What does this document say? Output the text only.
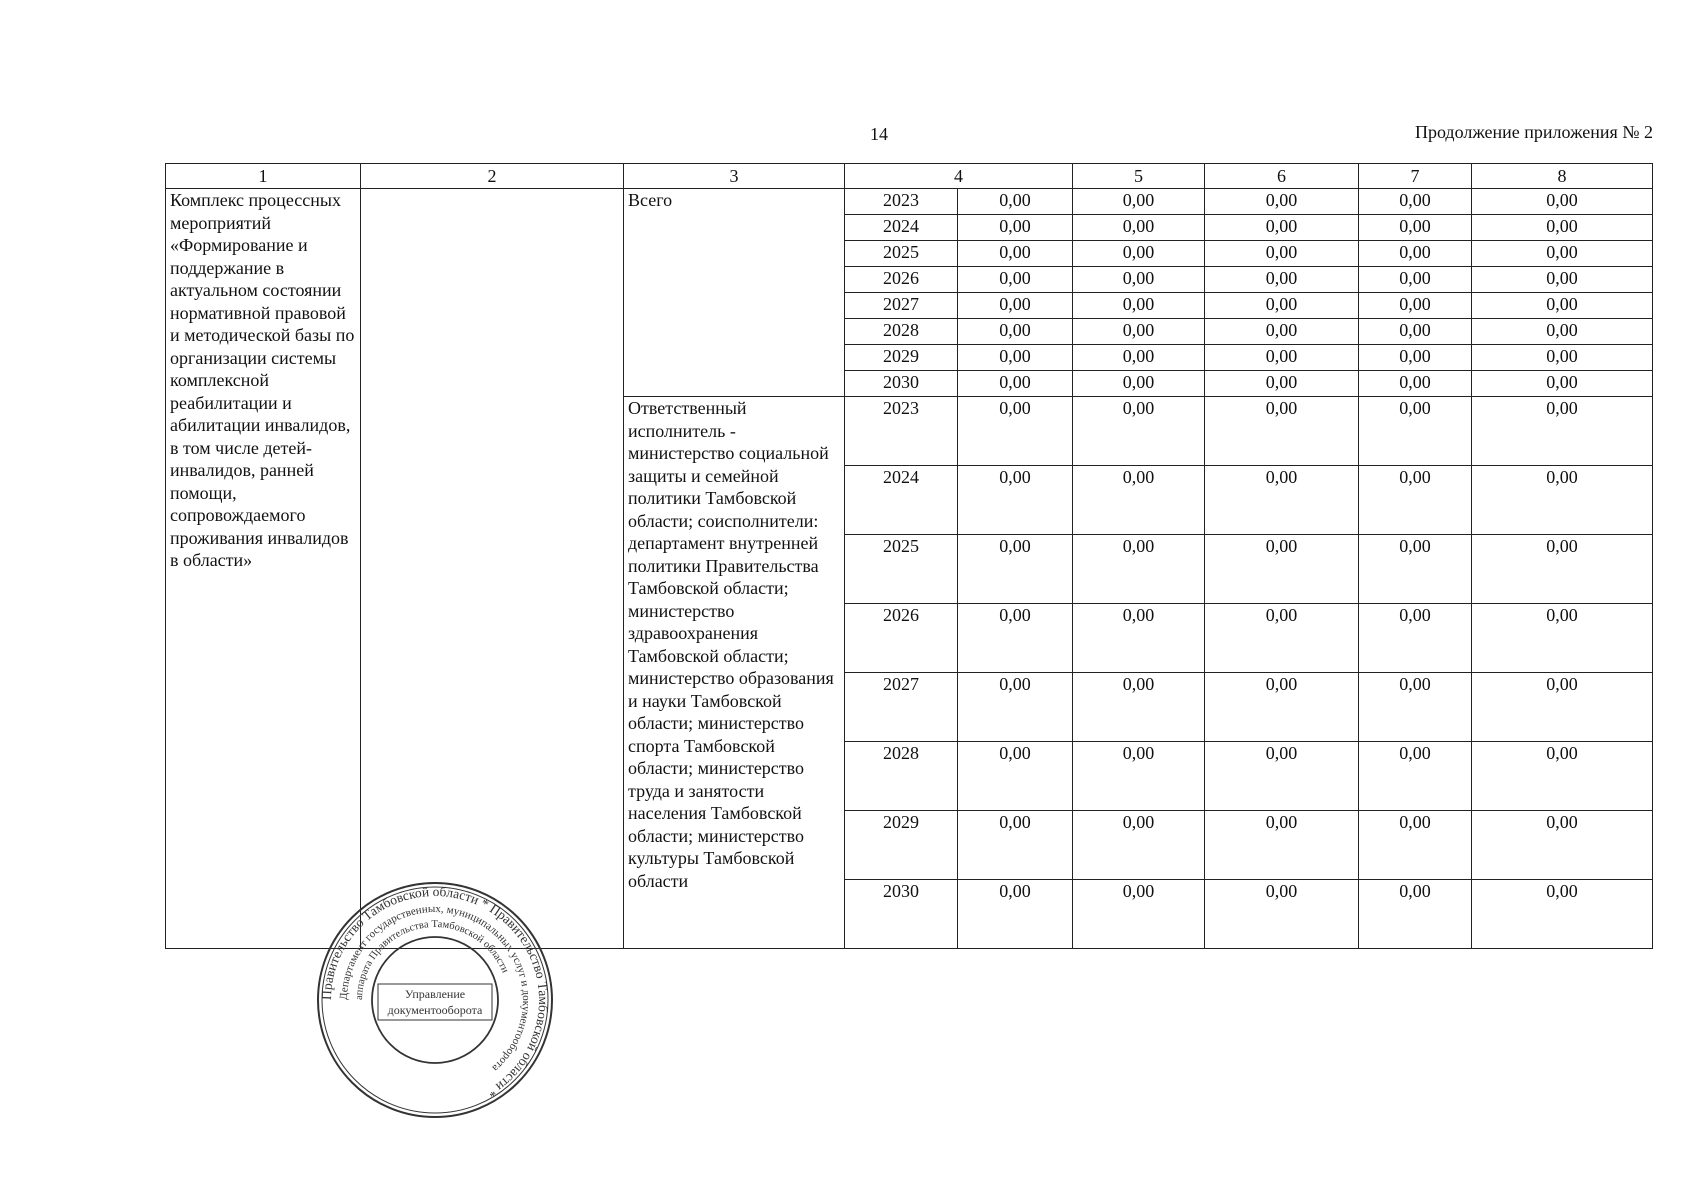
14	Продолжение приложения № 2
1	2	3	4		5	6	7	8
Комплекс процессных мероприятий «Формирование и поддержание в актуальном состоянии нормативной правовой и методической базы по организации системы комплексной реабилитации и абилитации инвалидов, в том числе детей-инвалидов, ранней помощи, сопровождаемого проживания инвалидов в области»		Всего	2023	0,00	0,00	0,00	0,00	0,00
			2024	0,00	0,00	0,00	0,00	0,00
			2025	0,00	0,00	0,00	0,00	0,00
			2026	0,00	0,00	0,00	0,00	0,00
			2027	0,00	0,00	0,00	0,00	0,00
			2028	0,00	0,00	0,00	0,00	0,00
			2029	0,00	0,00	0,00	0,00	0,00
			2030	0,00	0,00	0,00	0,00	0,00
		Ответственный исполнитель - министерство социальной защиты и семейной политики Тамбовской области; соисполнители: департамент внутренней политики Правительства Тамбовской области; министерство здравоохранения Тамбовской области; министерство образования и науки Тамбовской области; министерство спорта Тамбовской области; министерство труда и занятости населения Тамбовской области; министерство культуры Тамбовской области	2023	0,00	0,00	0,00	0,00	0,00
			2024	0,00	0,00	0,00	0,00	0,00
			2025	0,00	0,00	0,00	0,00	0,00
			2026	0,00	0,00	0,00	0,00	0,00
			2027	0,00	0,00	0,00	0,00	0,00
			2028	0,00	0,00	0,00	0,00	0,00
			2029	0,00	0,00	0,00	0,00	0,00
			2030	0,00	0,00	0,00	0,00	0,00
Правительство Тамбовской области * Правительство Тамбовской области *
Департамент государственных, муниципальных услуг и документооборота
аппарата Правительства Тамбовской области
Управление
документооборота
